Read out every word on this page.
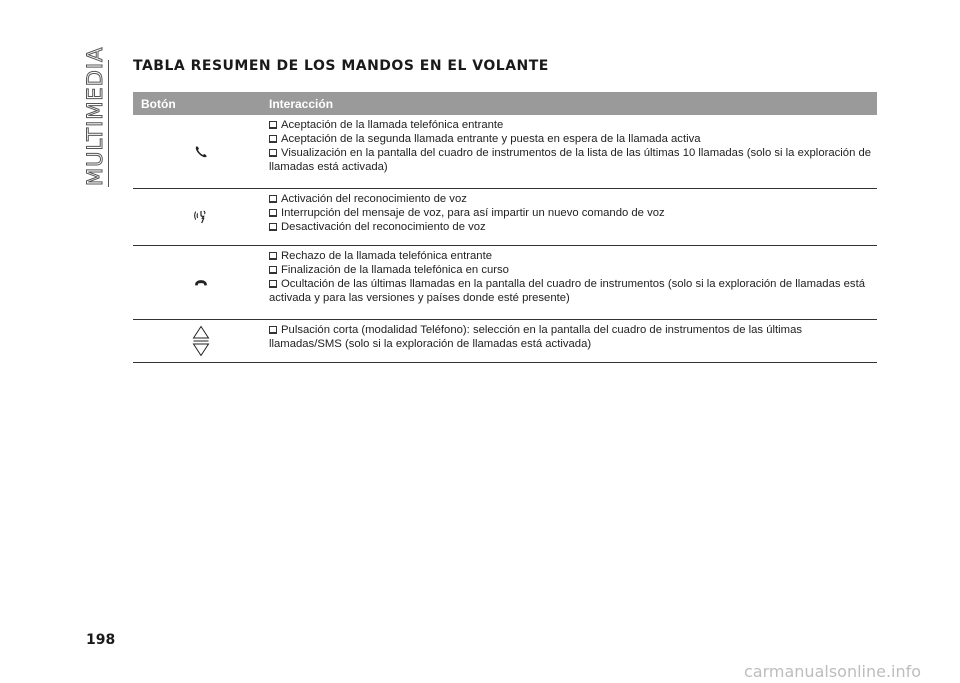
MULTIMEDIA TABLA RESUMEN DE LOS MANDOS EN EL VOLANTE
Botón	Interacción
Aceptación de la llamada telefónica entrante
Aceptación de la segunda llamada entrante y puesta en espera de la llamada activa
Visualización en la pantalla del cuadro de instrumentos de la lista de las últimas 10 llamadas (solo si la exploración de llamadas está activada)
Activación del reconocimiento de voz
Interrupción del mensaje de voz, para así impartir un nuevo comando de voz
Desactivación del reconocimiento de voz
Rechazo de la llamada telefónica entrante
Finalización de la llamada telefónica en curso
Ocultación de las últimas llamadas en la pantalla del cuadro de instrumentos (solo si la exploración de llamadas está activada y para las versiones y países donde esté presente)
Pulsación corta (modalidad Teléfono): selección en la pantalla del cuadro de instrumentos de las últimas llamadas/SMS (solo si la exploración de llamadas está activada)
198
carmanualsonline.info
